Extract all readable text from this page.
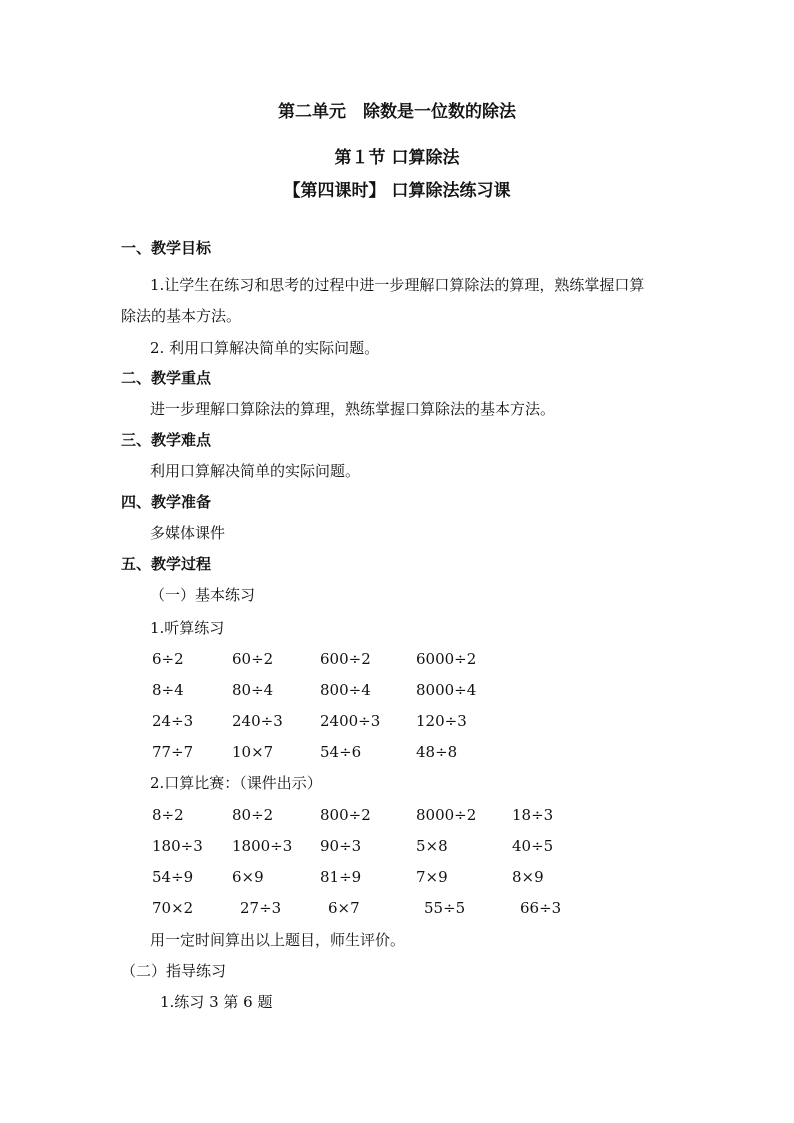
第二单元　除数是一位数的除法
第１节 口算除法
【第四课时】 口算除法练习课
一、教学目标
1.让学生在练习和思考的过程中进一步理解口算除法的算理，熟练掌握口算
除法的基本方法。
2. 利用口算解决简单的实际问题。
二、教学重点
进一步理解口算除法的算理，熟练掌握口算除法的基本方法。
三、教学难点
利用口算解决简单的实际问题。
四、教学准备
多媒体课件
五、教学过程
（一）基本练习
1.听算练习
6÷2	60÷2	600÷2	6000÷2
8÷4	80÷4	800÷4	8000÷4
24÷3	240÷3 2400÷3 120÷3
77÷7	10×7	54÷6	48÷8
2.口算比赛：（课件出示）
8÷2	80÷2	800÷2	8000÷2 18÷3
180÷3 1800÷3 90÷3	5×8	40÷5
54÷9	6×9	81÷9	7×9	8×9
70×2	27÷3	6×7	55÷5	66÷3
用一定时间算出以上题目，师生评价。
（二）指导练习
1.练习 3 第 6 题
